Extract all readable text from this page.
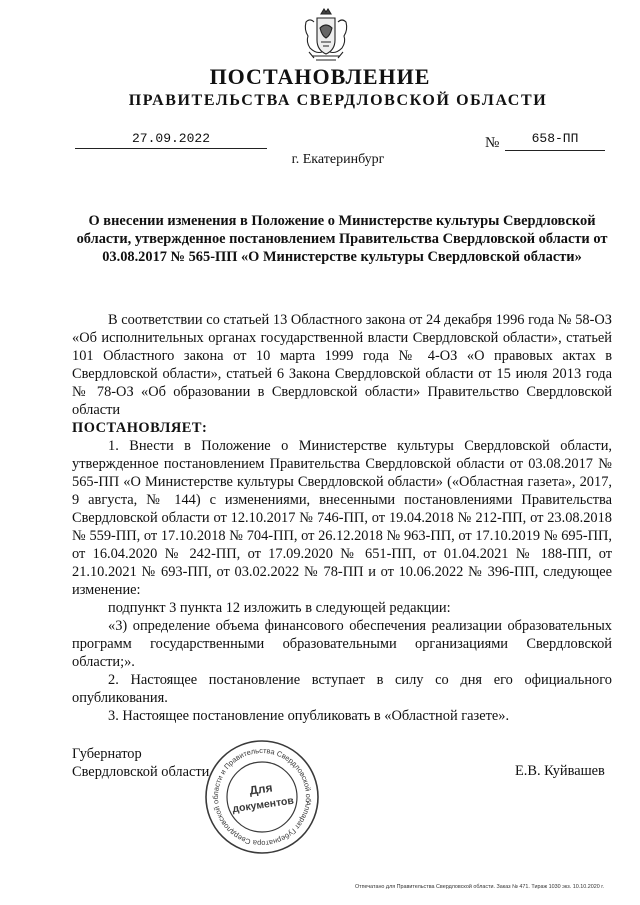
ПОСТАНОВЛЕНИЕ
ПРАВИТЕЛЬСТВА СВЕРДЛОВСКОЙ ОБЛАСТИ
27.09.2022	№	658-ПП
г. Екатеринбург
О внесении изменения в Положение о Министерстве культуры Свердловской области, утвержденное постановлением Правительства Свердловской области от 03.08.2017 № 565-ПП «О Министерстве культуры Свердловской области»

В соответствии со статьей 13 Областного закона от 24 декабря 1996 года № 58-ОЗ «Об исполнительных органах государственной власти Свердловской области», статьей 101 Областного закона от 10 марта 1999 года № 4-ОЗ «О правовых актах в Свердловской области», статьей 6 Закона Свердловской области от 15 июля 2013 года № 78-ОЗ «Об образовании в Свердловской области» Правительство Свердловской области

ПОСТАНОВЛЯЕТ:

1. Внести в Положение о Министерстве культуры Свердловской области, утвержденное постановлением Правительства Свердловской области от 03.08.2017 № 565-ПП «О Министерстве культуры Свердловской области» («Областная газета», 2017, 9 августа, № 144) с изменениями, внесенными постановлениями Правительства Свердловской области от 12.10.2017 № 746-ПП, от 19.04.2018 № 212-ПП, от 23.08.2018 № 559-ПП, от 17.10.2018 № 704-ПП, от 26.12.2018 № 963-ПП, от 17.10.2019 № 695-ПП, от 16.04.2020 № 242-ПП, от 17.09.2020 № 651-ПП, от 01.04.2021 № 188-ПП, от 21.10.2021 № 693-ПП, от 03.02.2022 № 78-ПП и от 10.06.2022 № 396-ПП, следующее изменение:

подпункт 3 пункта 12 изложить в следующей редакции:

«3) определение объема финансового обеспечения реализации образовательных программ государственными образовательными организациями Свердловской области;».

2. Настоящее постановление вступает в силу со дня его официального опубликования.

3. Настоящее постановление опубликовать в «Областной газете».

Губернатор
Свердловской области	Е.В. Куйвашев
Аппарат Губернатора Свердловской области и Правительства Свердловской области
Для
документов
Отпечатано для Правительства Свердловской области. Заказ № 471. Тираж 1030 экз. 10.10.2020 г.
